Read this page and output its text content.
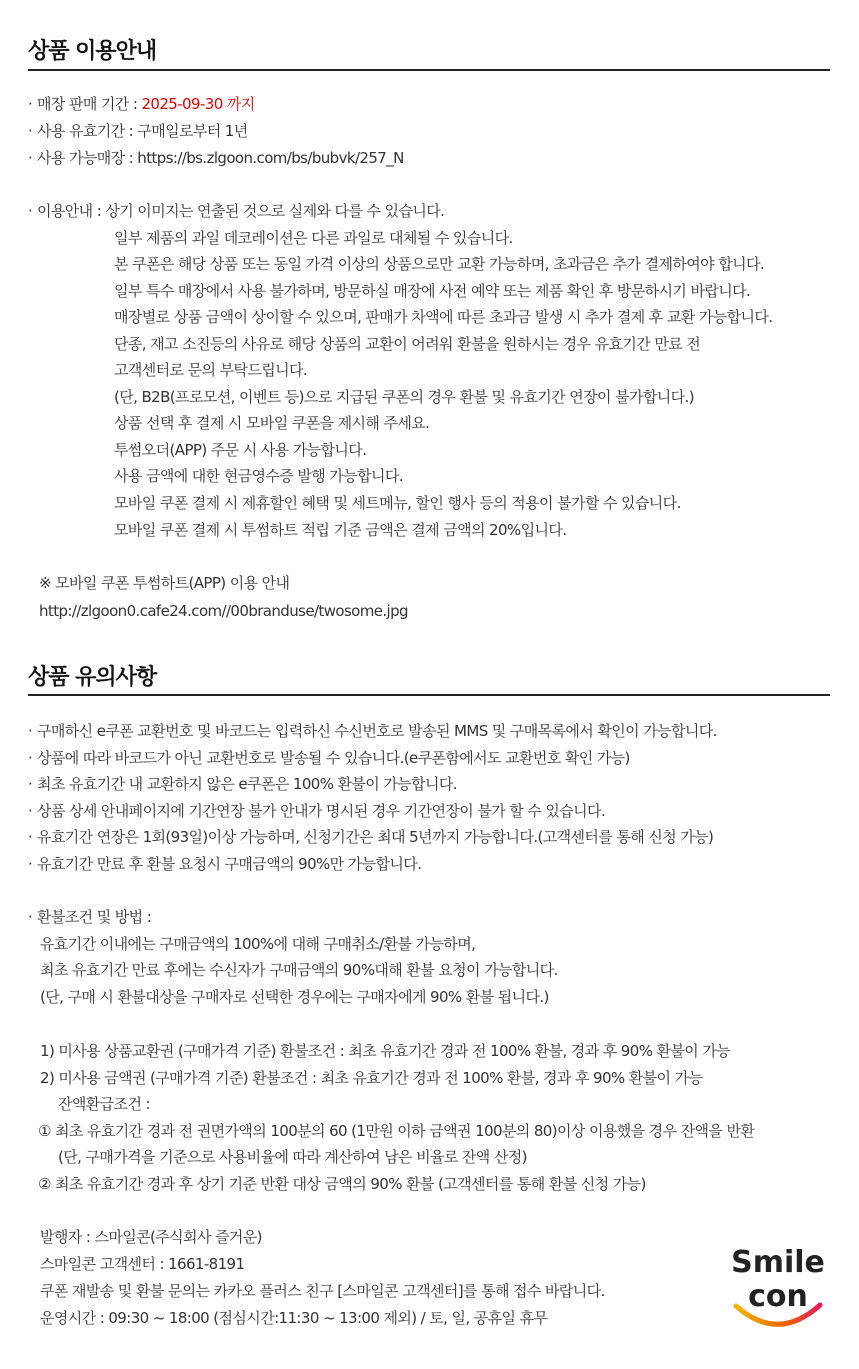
상품 이용안내
· 매장 판매 기간 : 2025-09-30 까지
· 사용 유효기간 : 구매일로부터 1년
· 사용 가능매장 : https://bs.zlgoon.com/bs/bubvk/257_N
· 이용안내 : 상기 이미지는 연출된 것으로 실제와 다를 수 있습니다.
일부 제품의 과일 데코레이션은 다른 과일로 대체될 수 있습니다.
본 쿠폰은 해당 상품 또는 동일 가격 이상의 상품으로만 교환 가능하며, 초과금은 추가 결제하여야 합니다.
일부 특수 매장에서 사용 불가하며, 방문하실 매장에 사전 예약 또는 제품 확인 후 방문하시기 바랍니다.
매장별로 상품 금액이 상이할 수 있으며, 판매가 차액에 따른 초과금 발생 시 추가 결제 후 교환 가능합니다.
단종, 재고 소진등의 사유로 해당 상품의 교환이 어려워 환불을 원하시는 경우 유효기간 만료 전
고객센터로 문의 부탁드립니다.
(단, B2B(프로모션, 이벤트 등)으로 지급된 쿠폰의 경우 환불 및 유효기간 연장이 불가합니다.)
상품 선택 후 결제 시 모바일 쿠폰을 제시해 주세요.
투썸오더(APP) 주문 시 사용 가능합니다.
사용 금액에 대한 현금영수증 발행 가능합니다.
모바일 쿠폰 결제 시 제휴할인 혜택 및 세트메뉴, 할인 행사 등의 적용이 불가할 수 있습니다.
모바일 쿠폰 결제 시 투썸하트 적립 기준 금액은 결제 금액의 20%입니다.
※ 모바일 쿠폰 투썸하트(APP) 이용 안내
http://zlgoon0.cafe24.com//00branduse/twosome.jpg
상품 유의사항
· 구매하신 e쿠폰 교환번호 및 바코드는 입력하신 수신번호로 발송된 MMS 및 구매목록에서 확인이 가능합니다.
· 상품에 따라 바코드가 아닌 교환번호로 발송될 수 있습니다.(e쿠폰함에서도 교환번호 확인 가능)
· 최초 유효기간 내 교환하지 않은 e쿠폰은 100% 환불이 가능합니다.
· 상품 상세 안내페이지에 기간연장 불가 안내가 명시된 경우 기간연장이 불가 할 수 있습니다.
· 유효기간 연장은 1회(93일)이상 가능하며, 신청기간은 최대 5년까지 가능합니다.(고객센터를 통해 신청 가능)
· 유효기간 만료 후 환불 요청시 구매금액의 90%만 가능합니다.
· 환불조건 및 방법 :
유효기간 이내에는 구매금액의 100%에 대해 구매취소/환불 가능하며,
최초 유효기간 만료 후에는 수신자가 구매금액의 90%대해 환불 요청이 가능합니다.
(단, 구매 시 환불대상을 구매자로 선택한 경우에는 구매자에게 90% 환불 됩니다.)
1) 미사용 상품교환권 (구매가격 기준) 환불조건 : 최초 유효기간 경과 전 100% 환불, 경과 후 90% 환불이 가능
2) 미사용 금액권 (구매가격 기준) 환불조건 : 최초 유효기간 경과 전 100% 환불, 경과 후 90% 환불이 가능
잔액환급조건 :
① 최초 유효기간 경과 전 권면가액의 100분의 60 (1만원 이하 금액권 100분의 80)이상 이용했을 경우 잔액을 반환
(단, 구매가격을 기준으로 사용비율에 따라 계산하여 남은 비율로 잔액 산정)
② 최초 유효기간 경과 후 상기 기준 반환 대상 금액의 90% 환불 (고객센터를 통해 환불 신청 가능)
발행자 : 스마일콘(주식회사 즐거운)
스마일콘 고객센터 : 1661-8191
쿠폰 재발송 및 환불 문의는 카카오 플러스 친구 [스마일콘 고객센터]를 통해 접수 바랍니다.
운영시간 : 09:30 ~ 18:00 (점심시간:11:30 ~ 13:00 제외) / 토, 일, 공휴일 휴무
Smile
con
